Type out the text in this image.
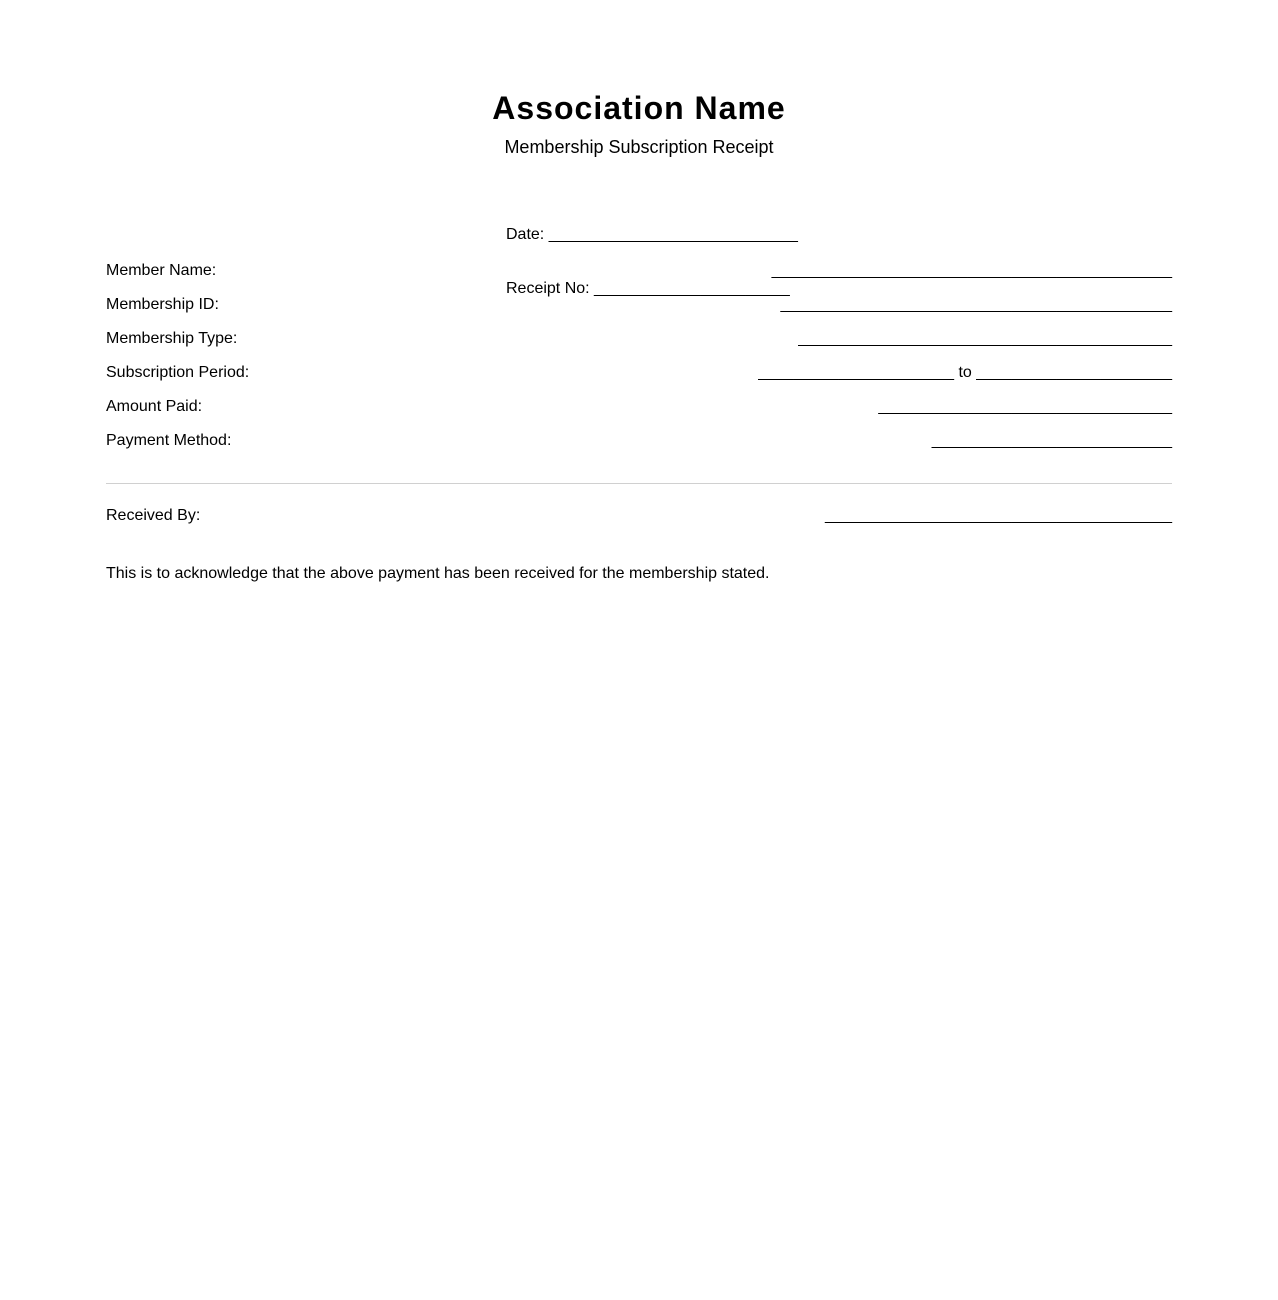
Association Name

Membership Subscription Receipt

Date: ____________________________

Receipt No: ______________________

Member Name:	_____________________________________________
Membership ID:	____________________________________________
Membership Type:	__________________________________________
Subscription Period:	______________________ to ______________________
Amount Paid:	_________________________________
Payment Method:	___________________________
Received By:	_______________________________________
This is to acknowledge that the above payment has been received for the membership stated.
